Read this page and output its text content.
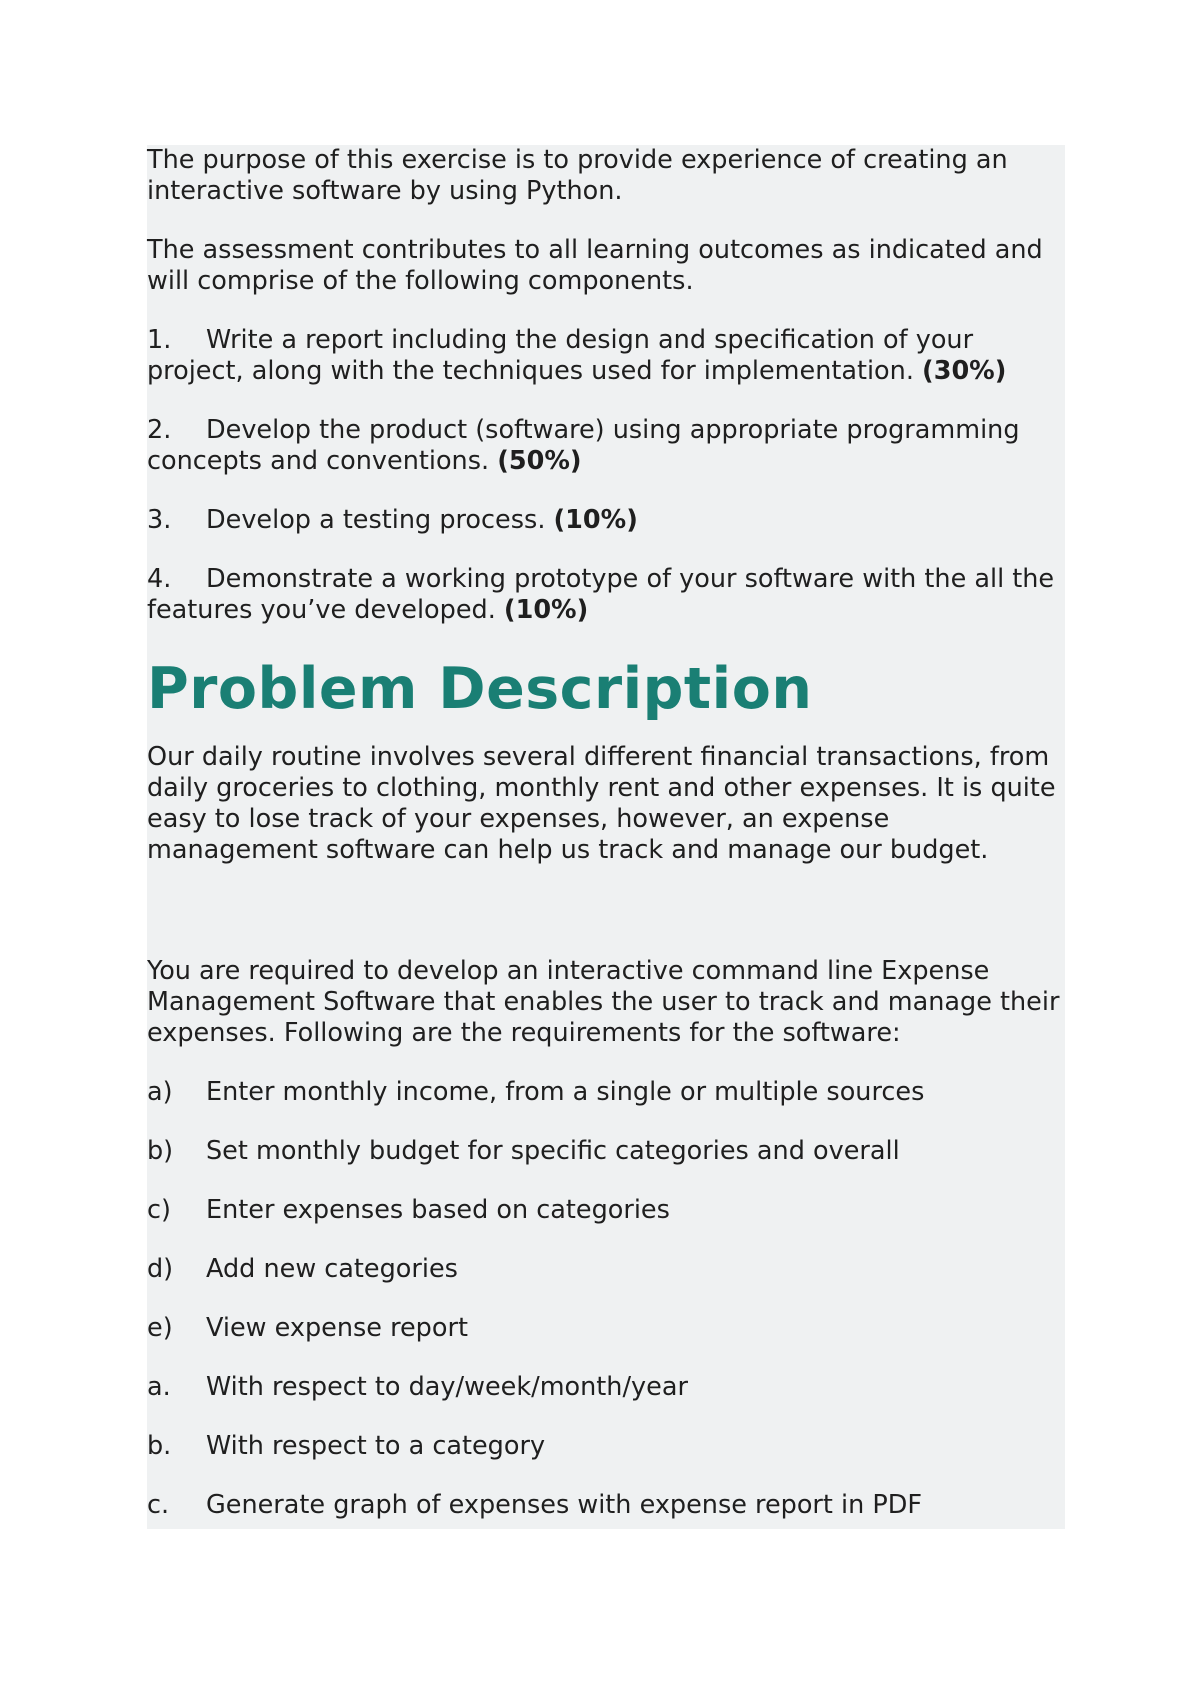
The purpose of this exercise is to provide experience of creating an interactive software by using Python.

The assessment contributes to all learning outcomes as indicated and will comprise of the following components.

1. Write a report including the design and specification of your project, along with the techniques used for implementation. (30%)

2. Develop the product (software) using appropriate programming concepts and conventions. (50%)

3. Develop a testing process. (10%)

4. Demonstrate a working prototype of your software with the all the features you’ve developed. (10%)

Problem Description

Our daily routine involves several different financial transactions, from daily groceries to clothing, monthly rent and other expenses. It is quite easy to lose track of your expenses, however, an expense management software can help us track and manage our budget.

You are required to develop an interactive command line Expense Management Software that enables the user to track and manage their expenses. Following are the requirements for the software:

a) Enter monthly income, from a single or multiple sources

b) Set monthly budget for specific categories and overall

c) Enter expenses based on categories

d) Add new categories

e) View expense report

a. With respect to day/week/month/year

b. With respect to a category

c. Generate graph of expenses with expense report in PDF
